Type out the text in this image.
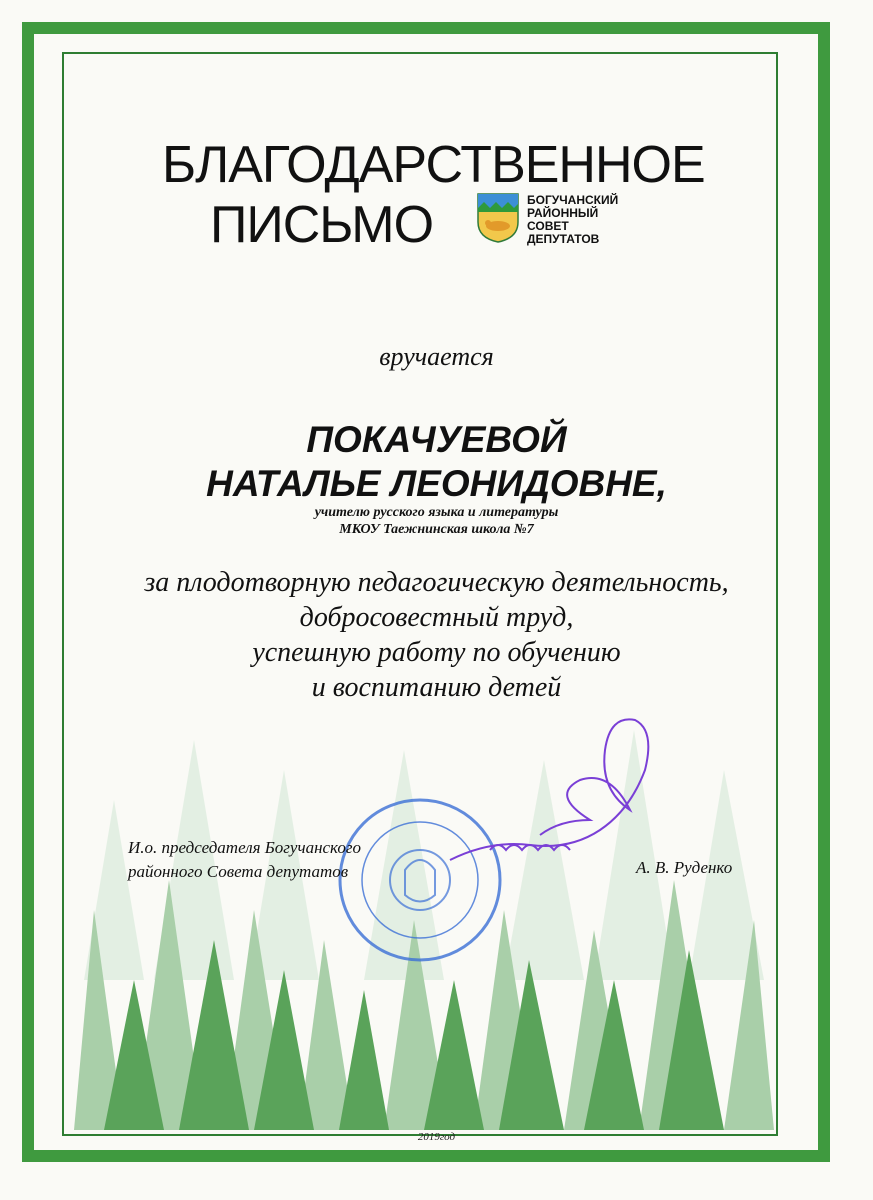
БЛАГОДАРСТВЕННОЕ
ПИСЬМО	БОГУЧАНСКИЙ
РАЙОННЫЙ
СОВЕТ
ДЕПУТАТОВ
вручается
ПОКАЧУЕВОЙ
НАТАЛЬЕ ЛЕОНИДОВНЕ,
учителю русского языка и литературы
МКОУ Таежнинская школа №7
за плодотворную педагогическую деятельность,
добросовестный труд,
успешную работу по обучению
и воспитанию детей
И.о. председателя Богучанского
районного Совета депутатов	А. В. Руденко
2019год
